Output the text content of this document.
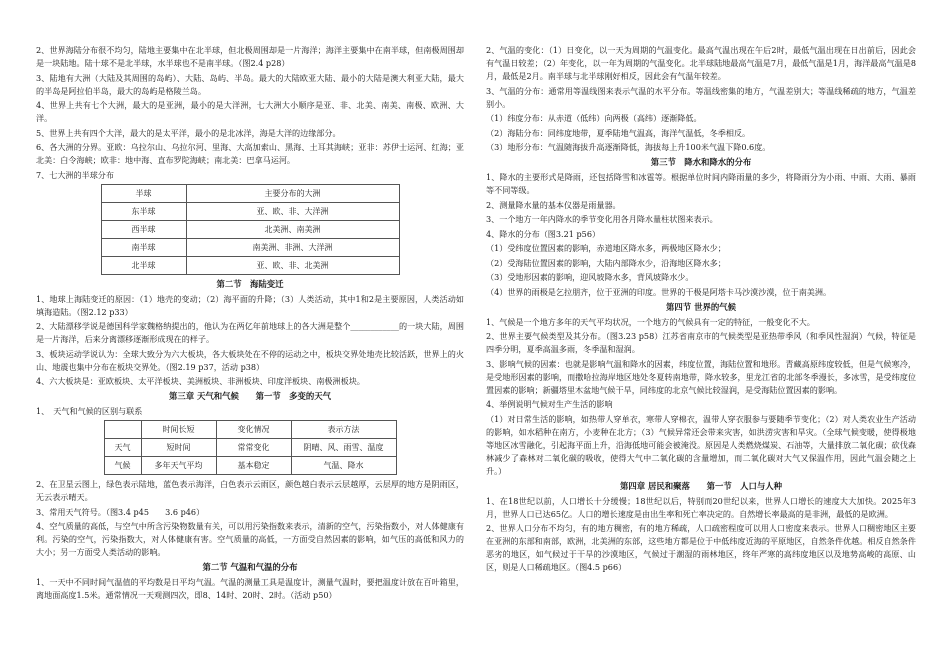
2、世界海陆分布很不均匀，陆地主要集中在北半球，但北极周围却是一片海洋；海洋主要集中在南半球，但南极周围却是一块陆地。陆十球不是北半球，水半球也不是南半球。（图2.4 p28）

3、陆地有大洲（大陆及其周围的岛屿）、大陆、岛屿、半岛。最大的大陆欧亚大陆、最小的大陆是澳大利亚大陆，最大的半岛是阿拉伯半岛，最大的岛屿是格陵兰岛。

4、世界上共有七个大洲，最大的是亚洲，最小的是大洋洲，七大洲大小顺序是亚、非、北美、南美、南极、欧洲、大洋。

5、世界上共有四个大洋，最大的是太平洋，最小的是北冰洋，海是大洋的边缘部分。

6、各大洲的分界。亚欧：乌拉尔山、乌拉尔河、里海、大高加索山、黑海、土耳其海峡；亚非：苏伊士运河、红海；亚北美：白令海峡；欧非：地中海、直布罗陀海峡；南北美：巴拿马运河。

7、七大洲的半球分布

半球	主要分布的大洲
东半球	亚、欧、非、大洋洲
西半球	北美洲、南美洲
南半球	南美洲、非洲、大洋洲
北半球	亚、欧、非、北美洲
第二节　海陆变迁

1、地球上海陆变迁的原因：（1）地壳的变动；（2）海平面的升降；（3）人类活动，其中1和2是主要原因，人类活动如填海造陆。（图2.12 p33）

2、大陆漂移学说是德国科学家魏格纳提出的，他认为在两亿年前地球上的各大洲是整个____________的一块大陆，周围是一片海洋，后来分离漂移逐渐形成现在的样子。

3、板块运动学说认为：全球大致分为六大板块，各大板块处在不停的运动之中，板块交界处地壳比较活跃，世界上的火山、地震也集中分布在板块交界处。（图2.19 p37，活动 p38）

4、六大板块是：亚欧板块、太平洋板块、美洲板块、非洲板块、印度洋板块、南极洲板块。

第三章 天气和气候　　第一节　多变的天气

1、　天气和气候的区别与联系

	时间长短	变化情况	表示方法
天气	短时间	常常变化	阴晴、风、雨雪、温度
气候	多年天气平均	基本稳定	气温、降水

2、在卫星云图上，绿色表示陆地，蓝色表示海洋，白色表示云雨区，颜色越白表示云层越厚，云层厚的地方是阴雨区，无云表示晴天。

3、常用天气符号。（图3.4 p45　　3.6 p46）

4、空气质量的高低，与空气中所含污染物数量有关，可以用污染指数来表示，清新的空气，污染指数小，对人体健康有利。污染的空气，污染指数大，对人体健康有害。空气质量的高低，一方面受自然因素的影响，如气压的高低和风力的大小；另一方面受人类活动的影响。

第二节 气温和气温的分布

1、一天中不同时间气温值的平均数是日平均气温。气温的测量工具是温度计，测量气温时，要把温度计放在百叶箱里，离地面高度1.5米。通常情况一天观测四次，即8、14时、20时、2时。（活动 p50）

2、气温的变化：（1）日变化，以一天为周期的气温变化。最高气温出现在午后2时，最低气温出现在日出前后，因此会有气温日较差；（2）年变化，以一年为周期的气温变化。北半球陆地最高气温是7月，最低气温是1月，海洋最高气温是8月，最低是2月。南半球与北半球刚好相反，因此会有气温年较差。

3、气温的分布：通常用等温线图来表示气温的水平分布。等温线密集的地方，气温差别大；等温线稀疏的地方，气温差别小。

（1）纬度分布：从赤道（低纬）向两极（高纬）逐渐降低。

（2）海陆分布：同纬度地带，夏季陆地气温高，海洋气温低，冬季相反。

（3）地形分布：气温随海拔升高逐渐降低，海拔每上升100米气温下降0.6度。

第三节　降水和降水的分布

1、降水的主要形式是降雨，还包括降雪和冰雹等。根据单位时间内降雨量的多少，将降雨分为小雨、中雨、大雨、暴雨等不同等级。

2、测量降水量的基本仪器是雨量器。

3、一个地方一年内降水的季节变化用各月降水量柱状图来表示。

4、降水的分布（图3.21 p56）

（1）受纬度位置因素的影响，赤道地区降水多，两极地区降水少；

（2）受海陆位置因素的影响，大陆内部降水少，沿海地区降水多；

（3）受地形因素的影响，迎风坡降水多，背风坡降水少。

（4）世界的雨极是乞拉朋齐，位于亚洲的印度。世界的干极是阿塔卡马沙漠沙漠，位于南美洲。

第四节 世界的气候

1、气候是一个地方多年的天气平均状况，一个地方的气候具有一定的特征，一般变化不大。

2、世界主要气候类型及其分布。（图3.23 p58）江苏省南京市的气候类型是亚热带季风（和季风性湿润）气候，特征是四季分明，夏季高温多雨，冬季温和湿润。

3、影响气候的因素：也就是影响气温和降水的因素，纬度位置，海陆位置和地形。青藏高原纬度较低，但是气候寒冷，是受地形因素的影响，而撒哈拉海岸地区地处冬夏转南地带，降水较多，里龙江省的北部冬季漫长，多冰雪，是受纬度位置因素的影响；新疆塔里木盆地气候干旱，同纬度的北京气候比较湿润，是受海陆位置因素的影响。

4、举例说明气候对生产生活的影响

（1）对日常生活的影响，如热带人穿单衣，寒带人穿棉衣，温带人穿衣服参与要随季节变化；（2）对人类农业生产活动的影响，如水稻种在南方，小麦种在北方；（3）气候异常还会带来灾害，如洪涝灾害和旱灾。（全球气候变暖，使得极地等地区冰雪融化，引起海平面上升，沿海低地可能会被淹没。原因是人类燃烧煤炭、石油等，大量排放二氧化碳；砍伐森林减少了森林对二氧化碳的吸收，使得大气中二氧化碳的含量增加，而二氧化碳对大气又保温作用，因此气温会随之上升。）

第四章 居民和聚落　　第一节　人口与人种

1、在18世纪以前，人口增长十分缓慢；18世纪以后，特别而20世纪以来，世界人口增长的速度大大加快。2025年3月，世界人口已达65亿。人口的增长速度是由出生率和死亡率决定的。自然增长率最高的是非洲，最低的是欧洲。

2、世界人口分布不均匀，有的地方稠密，有的地方稀疏，人口疏密程度可以用人口密度来表示。世界人口稠密地区主要在亚洲的东部和南部，欧洲，北美洲的东部，这些地方都是位于中低纬度近海的平原地区，自然条件优越。相反自然条件恶劣的地区，如气候过于干旱的沙漠地区，气候过于潮湿的雨林地区，终年严寒的高纬度地区以及地势高峻的高原、山区，则是人口稀疏地区。（图4.5 p66）
